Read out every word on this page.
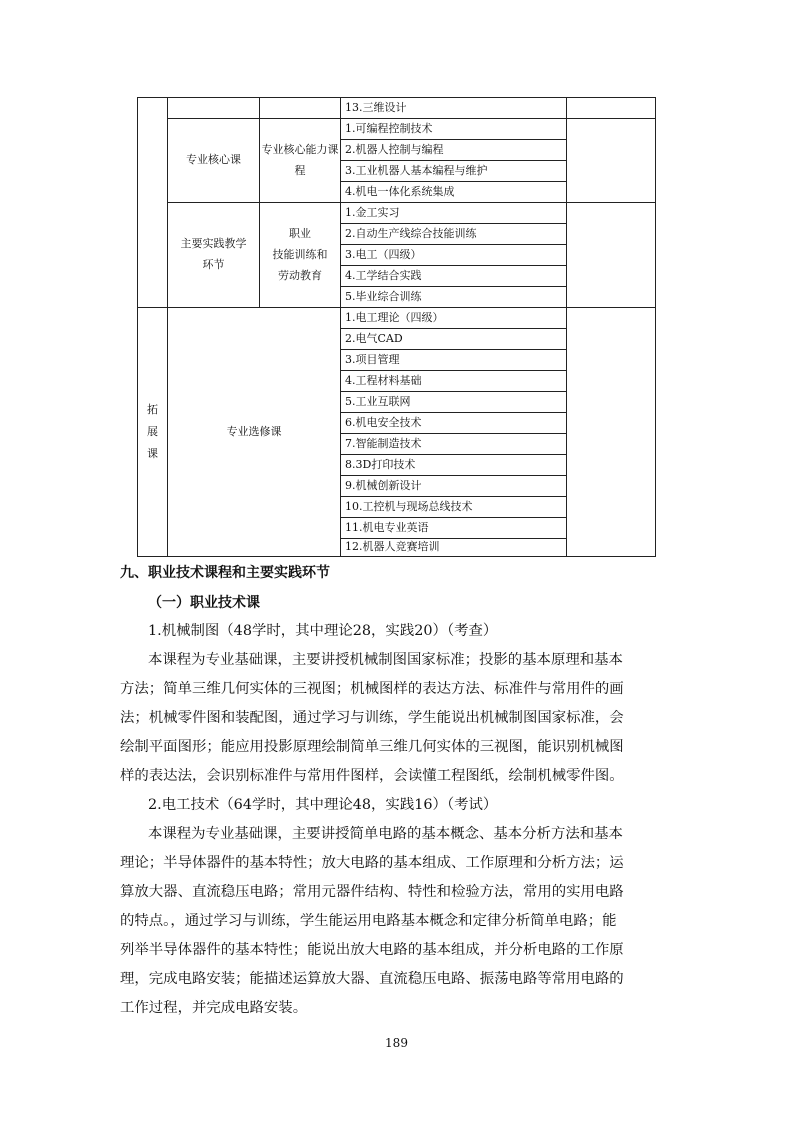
13.三维设计
专业核心课
专业核心能力课
程
1.可编程控制技术
2.机器人控制与编程
3.工业机器人基本编程与维护
4.机电一体化系统集成
主要实践教学
环节
职业
技能训练和
劳动教育
1.金工实习
2.自动生产线综合技能训练
3.电工（四级）
4.工学结合实践
5.毕业综合训练
拓
展
课
专业选修课
1.电工理论（四级）
2.电气CAD
3.项目管理
4.工程材料基础
5.工业互联网
6.机电安全技术
7.智能制造技术
8.3D打印技术
9.机械创新设计
10.工控机与现场总线技术
11.机电专业英语
12.机器人竞赛培训
九、职业技术课程和主要实践环节
（一）职业技术课
1.机械制图（48学时，其中理论28，实践20）（考查）
本课程为专业基础课，主要讲授机械制图国家标准；投影的基本原理和基本
方法；简单三维几何实体的三视图；机械图样的表达方法、标准件与常用件的画
法；机械零件图和装配图，通过学习与训练，学生能说出机械制图国家标准，会
绘制平面图形；能应用投影原理绘制简单三维几何实体的三视图，能识别机械图
样的表达法，会识别标准件与常用件图样，会读懂工程图纸，绘制机械零件图。
2.电工技术（64学时，其中理论48，实践16）（考试）
本课程为专业基础课，主要讲授简单电路的基本概念、基本分析方法和基本
理论；半导体器件的基本特性；放大电路的基本组成、工作原理和分析方法；运
算放大器、直流稳压电路；常用元器件结构、特性和检验方法，常用的实用电路
的特点。，通过学习与训练，学生能运用电路基本概念和定律分析简单电路；能
列举半导体器件的基本特性；能说出放大电路的基本组成，并分析电路的工作原
理，完成电路安装；能描述运算放大器、直流稳压电路、振荡电路等常用电路的
工作过程，并完成电路安装。
189
